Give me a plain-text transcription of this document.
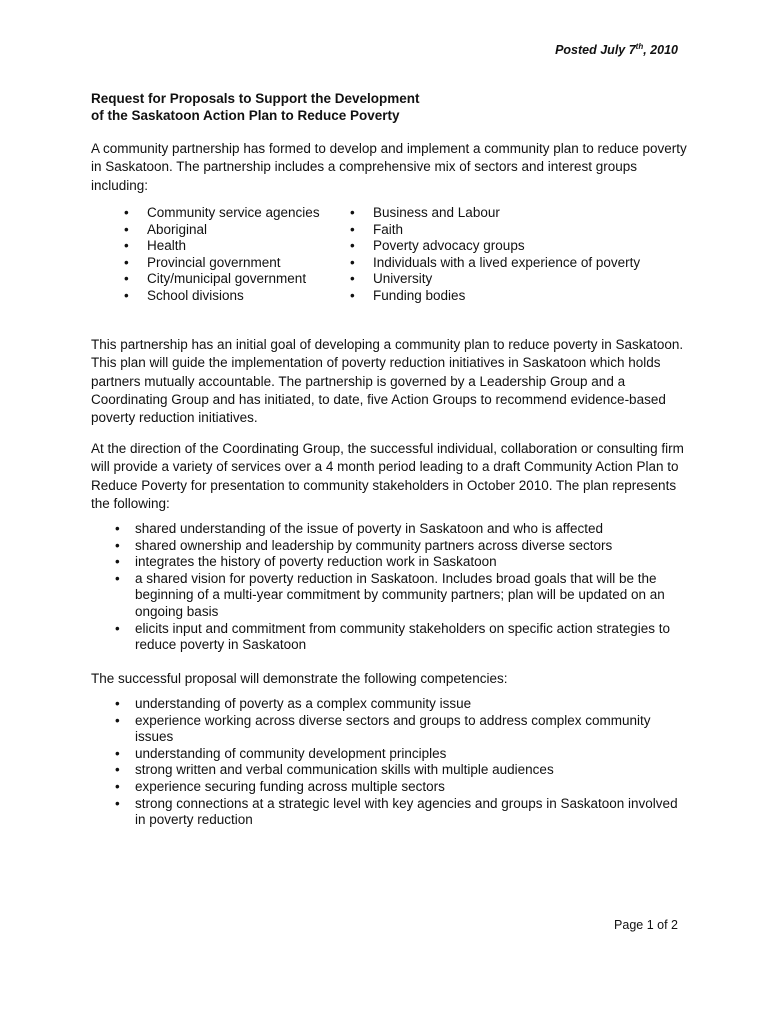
Posted July 7th, 2010
Request for Proposals to Support the Development
of the Saskatoon Action Plan to Reduce Poverty

A community partnership has formed to develop and implement a community plan to reduce poverty in Saskatoon. The partnership includes a comprehensive mix of sectors and interest groups including:

• Community service agencies
• Aboriginal
• Health
• Provincial government
• City/municipal government
• School divisions
• Business and Labour
• Faith
• Poverty advocacy groups
• Individuals with a lived experience of poverty
• University
• Funding bodies

This partnership has an initial goal of developing a community plan to reduce poverty in Saskatoon. This plan will guide the implementation of poverty reduction initiatives in Saskatoon which holds partners mutually accountable. The partnership is governed by a Leadership Group and a Coordinating Group and has initiated, to date, five Action Groups to recommend evidence-based poverty reduction initiatives.

At the direction of the Coordinating Group, the successful individual, collaboration or consulting firm will provide a variety of services over a 4 month period leading to a draft Community Action Plan to Reduce Poverty for presentation to community stakeholders in October 2010. The plan represents the following:

• shared understanding of the issue of poverty in Saskatoon and who is affected
• shared ownership and leadership by community partners across diverse sectors
• integrates the history of poverty reduction work in Saskatoon
• a shared vision for poverty reduction in Saskatoon. Includes broad goals that will be the beginning of a multi-year commitment by community partners; plan will be updated on an ongoing basis
• elicits input and commitment from community stakeholders on specific action strategies to reduce poverty in Saskatoon

The successful proposal will demonstrate the following competencies:

• understanding of poverty as a complex community issue
• experience working across diverse sectors and groups to address complex community issues
• understanding of community development principles
• strong written and verbal communication skills with multiple audiences
• experience securing funding across multiple sectors
• strong connections at a strategic level with key agencies and groups in Saskatoon involved in poverty reduction
Page 1 of 2
